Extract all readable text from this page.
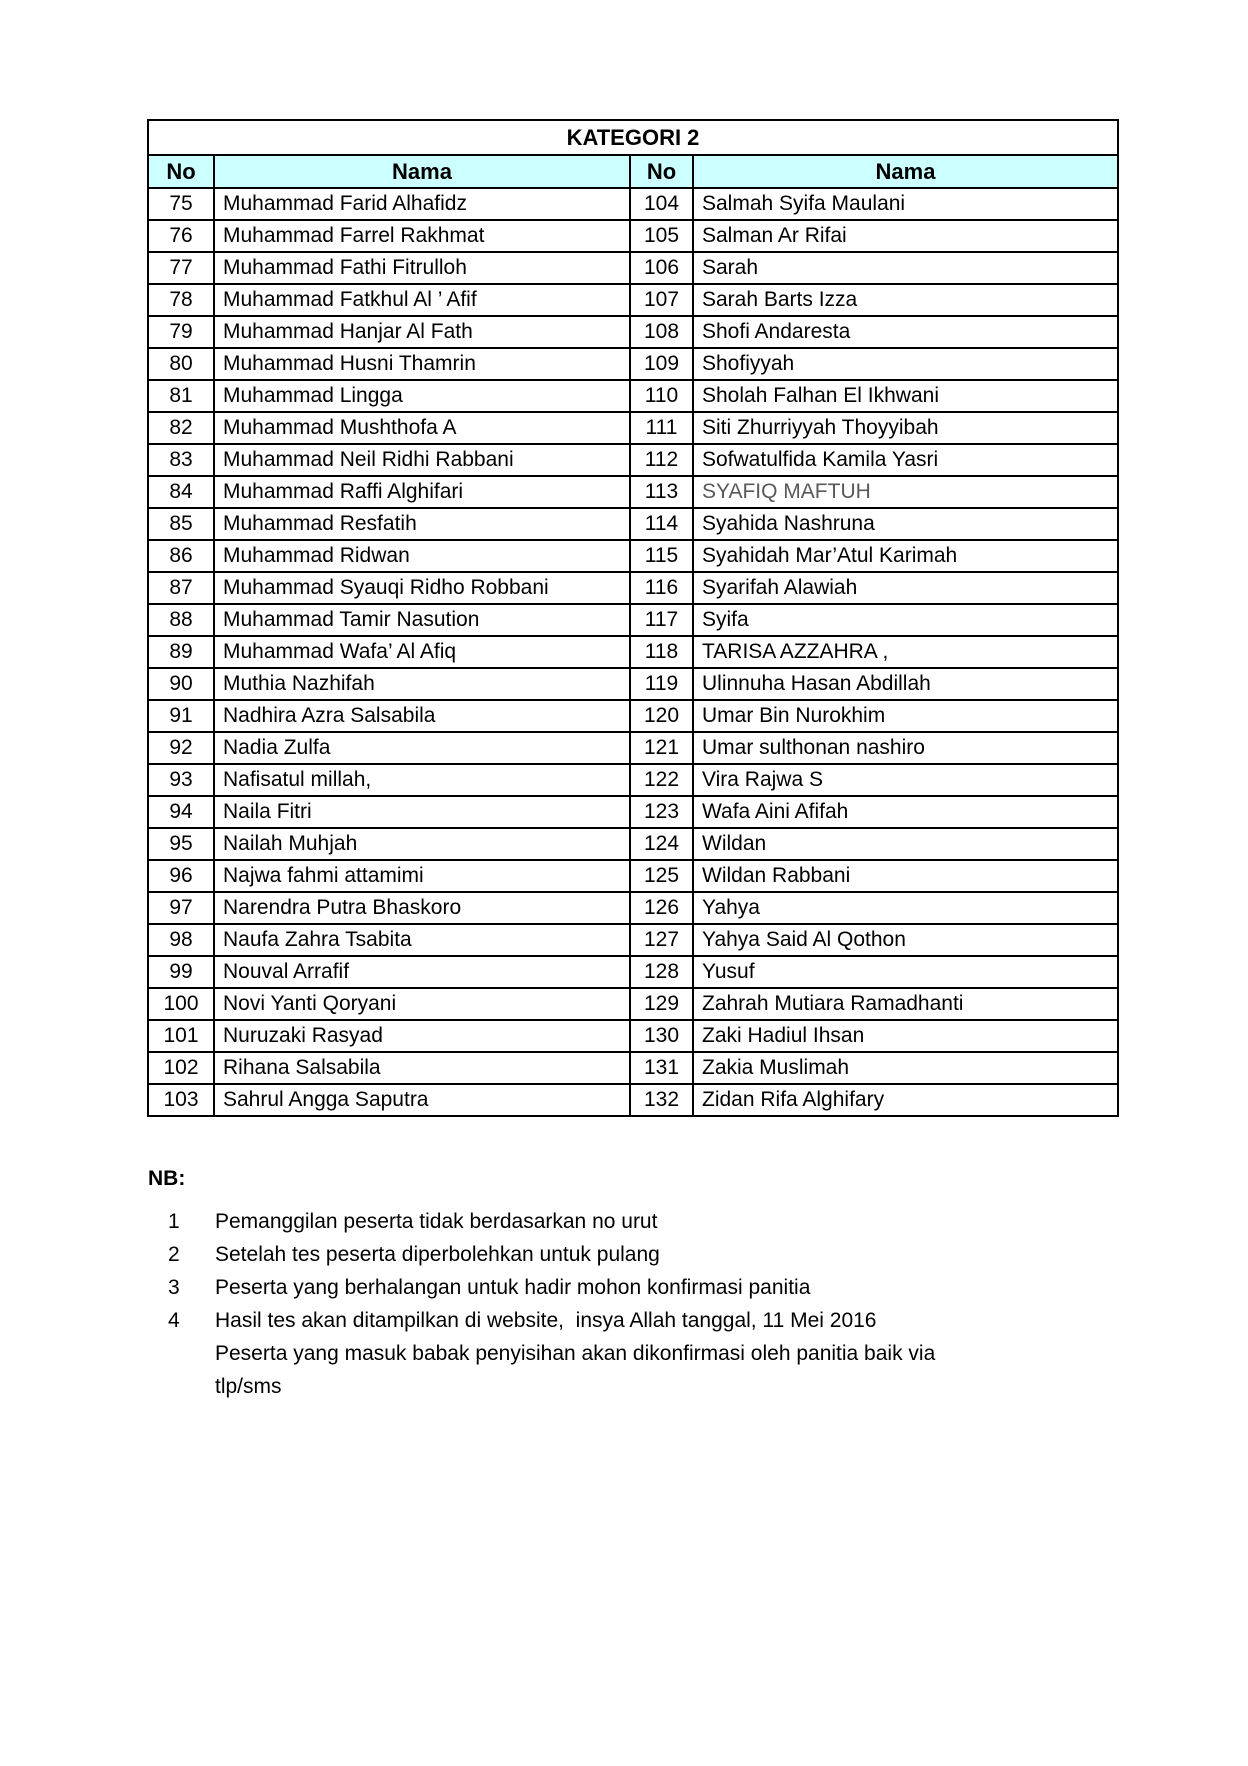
KATEGORI 2			
No	Nama	No	Nama
75	Muhammad Farid Alhafidz	104	Salmah Syifa Maulani
76	Muhammad Farrel Rakhmat	105	Salman Ar Rifai
77	Muhammad Fathi Fitrulloh	106	Sarah
78	Muhammad Fatkhul Al ’ Afif	107	Sarah Barts Izza
79	Muhammad Hanjar Al Fath	108	Shofi Andaresta
80	Muhammad Husni Thamrin	109	Shofiyyah
81	Muhammad Lingga	110	Sholah Falhan El Ikhwani
82	Muhammad Mushthofa A	111	Siti Zhurriyyah Thoyyibah
83	Muhammad Neil Ridhi Rabbani	112	Sofwatulfida Kamila Yasri
84	Muhammad Raffi Alghifari	113	SYAFIQ MAFTUH
85	Muhammad Resfatih	114	Syahida Nashruna
86	Muhammad Ridwan	115	Syahidah Mar’Atul Karimah
87	Muhammad Syauqi Ridho Robbani	116	Syarifah Alawiah
88	Muhammad Tamir Nasution	117	Syifa
89	Muhammad Wafa’ Al Afiq	118	TARISA AZZAHRA ,
90	Muthia Nazhifah	119	Ulinnuha Hasan Abdillah
91	Nadhira Azra Salsabila	120	Umar Bin Nurokhim
92	Nadia Zulfa	121	Umar sulthonan nashiro
93	Nafisatul millah,	122	Vira Rajwa S
94	Naila Fitri	123	Wafa Aini Afifah
95	Nailah Muhjah	124	Wildan
96	Najwa fahmi attamimi	125	Wildan Rabbani
97	Narendra Putra Bhaskoro	126	Yahya
98	Naufa Zahra Tsabita	127	Yahya Said Al Qothon
99	Nouval Arrafif	128	Yusuf
100	Novi Yanti Qoryani	129	Zahrah Mutiara Ramadhanti
101	Nuruzaki Rasyad	130	Zaki Hadiul Ihsan
102	Rihana Salsabila	131	Zakia Muslimah
103	Sahrul Angga Saputra	132	Zidan Rifa Alghifary
NB:
1	Pemanggilan peserta tidak berdasarkan no urut
2	Setelah tes peserta diperbolehkan untuk pulang
3	Peserta yang berhalangan untuk hadir mohon konfirmasi panitia
4	Hasil tes akan ditampilkan di website,  insya Allah tanggal, 11 Mei 2016
Peserta yang masuk babak penyisihan akan dikonfirmasi oleh panitia baik via
tlp/sms
